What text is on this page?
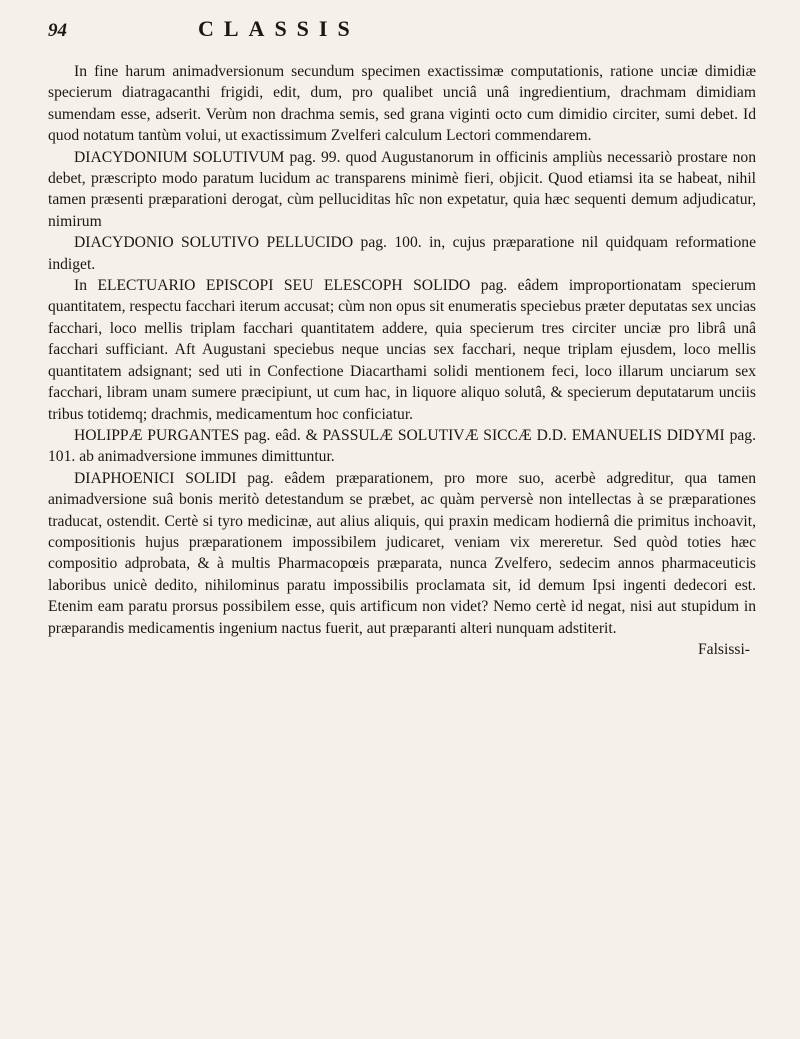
94	CLASSIS

In fine harum animadversionum secundum specimen exactissimæ computationis, ratione unciæ dimidiæ specierum diatragacanthi frigidi, edit, dum, pro qualibet unciâ unâ ingredientium, drachmam dimidiam sumendam esse, adserit. Verùm non drachma semis, sed grana viginti octo cum dimidio circiter, sumi debet. Id quod notatum tantùm volui, ut exactissimum Zvelferi calculum Lectori commendarem.

DIACYDONIUM SOLUTIVUM pag. 99. quod Augustanorum in officinis ampliùs necessariò prostare non debet, præscripto modo paratum lucidum ac transparens minimè fieri, objicit. Quod etiamsi ita se habeat, nihil tamen præsenti præparationi derogat, cùm pelluciditas hîc non expetatur, quia hæc sequenti demum adjudicatur, nimirum

DIACYDONIO SOLUTIVO PELLUCIDO pag. 100. in, cujus præparatione nil quidquam reformatione indiget.

In ELECTUARIO EPISCOPI SEU ELESCOPH SOLIDO pag. eâdem improportionatam specierum quantitatem, respectu facchari iterum accusat; cùm non opus sit enumeratis speciebus præter deputatas sex uncias facchari, loco mellis triplam facchari quantitatem addere, quia specierum tres circiter unciæ pro librâ unâ facchari sufficiant. Aft Augustani speciebus neque uncias sex facchari, neque triplam ejusdem, loco mellis quantitatem adsignant; sed uti in Confectione Diacarthami solidi mentionem feci, loco illarum unciarum sex facchari, libram unam sumere præcipiunt, ut cum hac, in liquore aliquo solutâ, & specierum deputatarum unciis tribus totidemq; drachmis, medicamentum hoc conficiatur.

HOLIPPÆ PURGANTES pag. eâd. & PASSULÆ SOLUTIVÆ SICCÆ D.D. EMANUELIS DIDYMI pag. 101. ab animadversione immunes dimittuntur.

DIAPHOENICI SOLIDI pag. eâdem præparationem, pro more suo, acerbè adgreditur, qua tamen animadversione suâ bonis meritò detestandum se præbet, ac quàm perversè non intellectas à se præparationes traducat, ostendit. Certè si tyro medicinæ, aut alius aliquis, qui praxin medicam hodiernâ die primitus inchoavit, compositionis hujus præparationem impossibilem judicaret, veniam vix mereretur. Sed quòd toties hæc compositio adprobata, & à multis Pharmacopœis præparata, nunca Zvelfero, sedecim annos pharmaceuticis laboribus unicè dedito, nihilominus paratu impossibilis proclamata sit, id demum Ipsi ingenti dedecori est. Etenim eam paratu prorsus possibilem esse, quis artificum non videt? Nemo certè id negat, nisi aut stupidum in præparandis medicamentis ingenium nactus fuerit, aut præparanti alteri nunquam adstiterit.

Falsissi-
